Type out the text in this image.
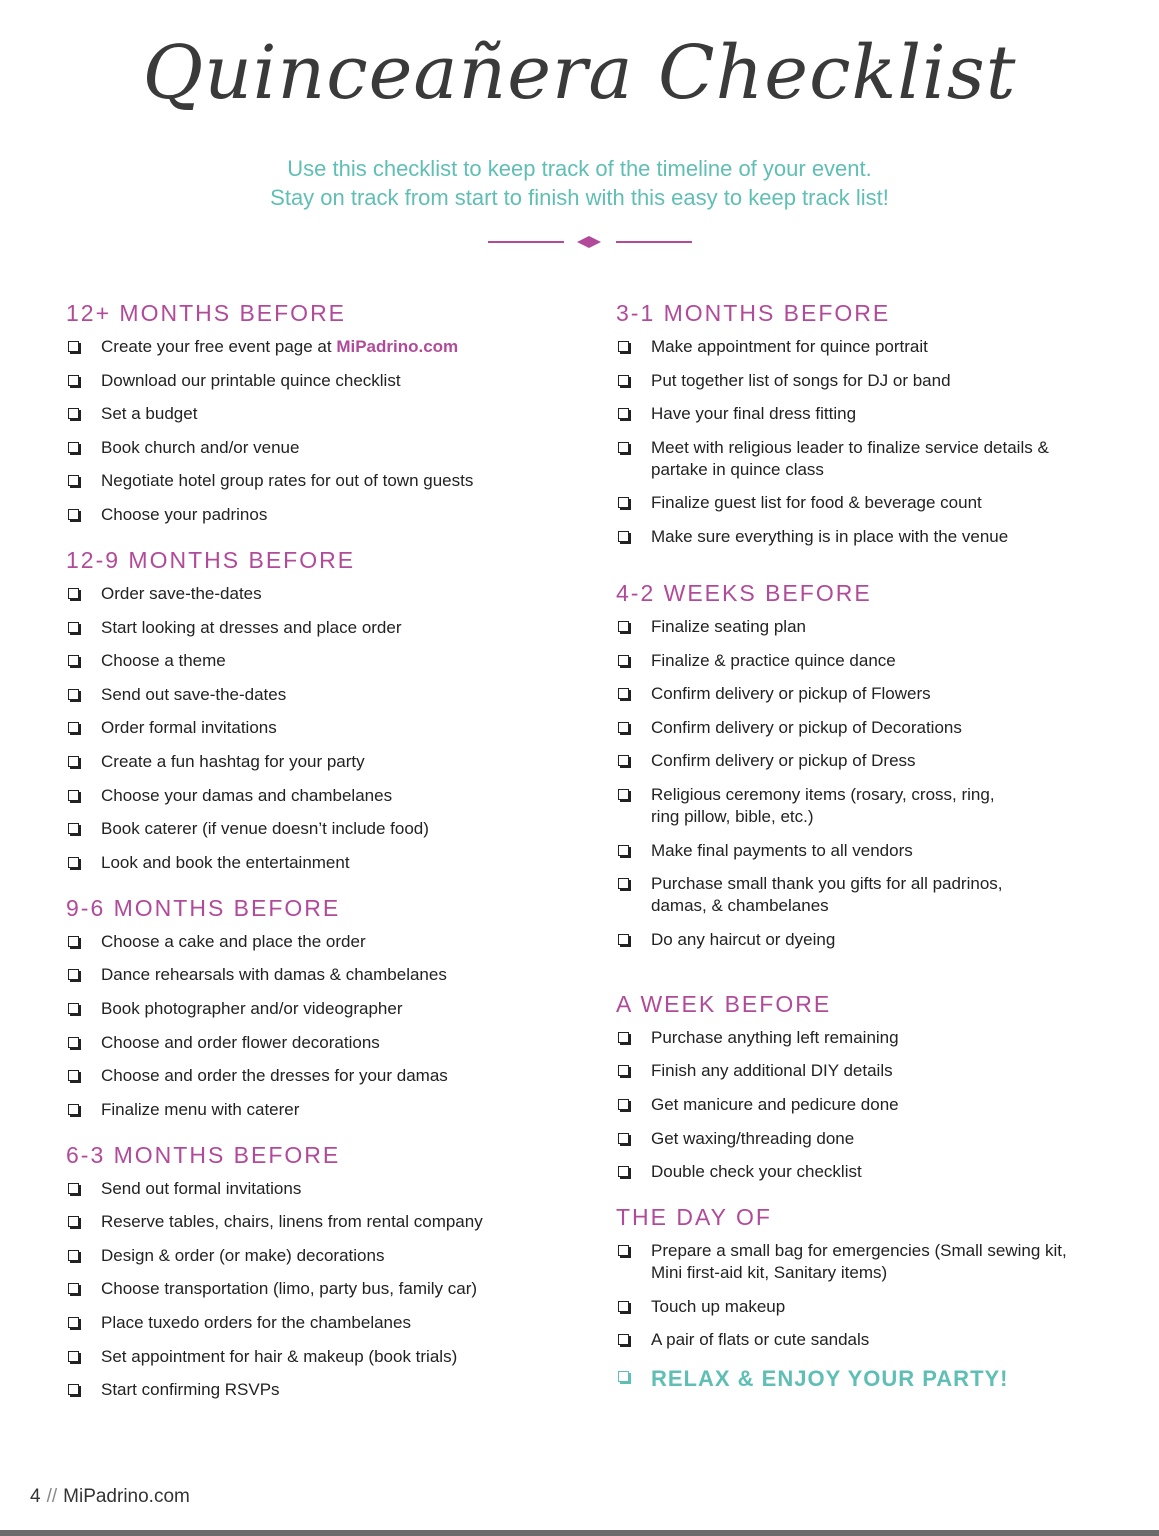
Quinceañera Checklist
Use this checklist to keep track of the timeline of your event.
Stay on track from start to finish with this easy to keep track list!
12+ MONTHS BEFORE
Create your free event page at MiPadrino.com
Download our printable quince checklist
Set a budget
Book church and/or venue
Negotiate hotel group rates for out of town guests
Choose your padrinos
12-9 MONTHS BEFORE
Order save-the-dates
Start looking at dresses and place order
Choose a theme
Send out save-the-dates
Order formal invitations
Create a fun hashtag for your party
Choose your damas and chambelanes
Book caterer (if venue doesn’t include food)
Look and book the entertainment
9-6 MONTHS BEFORE
Choose a cake and place the order
Dance rehearsals with damas & chambelanes
Book photographer and/or videographer
Choose and order flower decorations
Choose and order the dresses for your damas
Finalize menu with caterer
6-3 MONTHS BEFORE
Send out formal invitations
Reserve tables, chairs, linens from rental company
Design & order (or make) decorations
Choose transportation (limo, party bus, family car)
Place tuxedo orders for the chambelanes
Set appointment for hair & makeup (book trials)
Start confirming RSVPs
3-1 MONTHS BEFORE
Make appointment for quince portrait
Put together list of songs for DJ or band
Have your final dress fitting
Meet with religious leader to finalize service details & partake in quince class
Finalize guest list for food & beverage count
Make sure everything is in place with the venue
4-2 WEEKS BEFORE
Finalize seating plan
Finalize & practice quince dance
Confirm delivery or pickup of Flowers
Confirm delivery or pickup of Decorations
Confirm delivery or pickup of Dress
Religious ceremony items (rosary, cross, ring, ring pillow, bible, etc.)
Make final payments to all vendors
Purchase small thank you gifts for all padrinos, damas, & chambelanes
Do any haircut or dyeing
A WEEK BEFORE
Purchase anything left remaining
Finish any additional DIY details
Get manicure and pedicure done
Get waxing/threading done
Double check your checklist
THE DAY OF
Prepare a small bag for emergencies (Small sewing kit, Mini first-aid kit, Sanitary items)
Touch up makeup
A pair of flats or cute sandals
RELAX & ENJOY YOUR PARTY!
4 // MiPadrino.com
